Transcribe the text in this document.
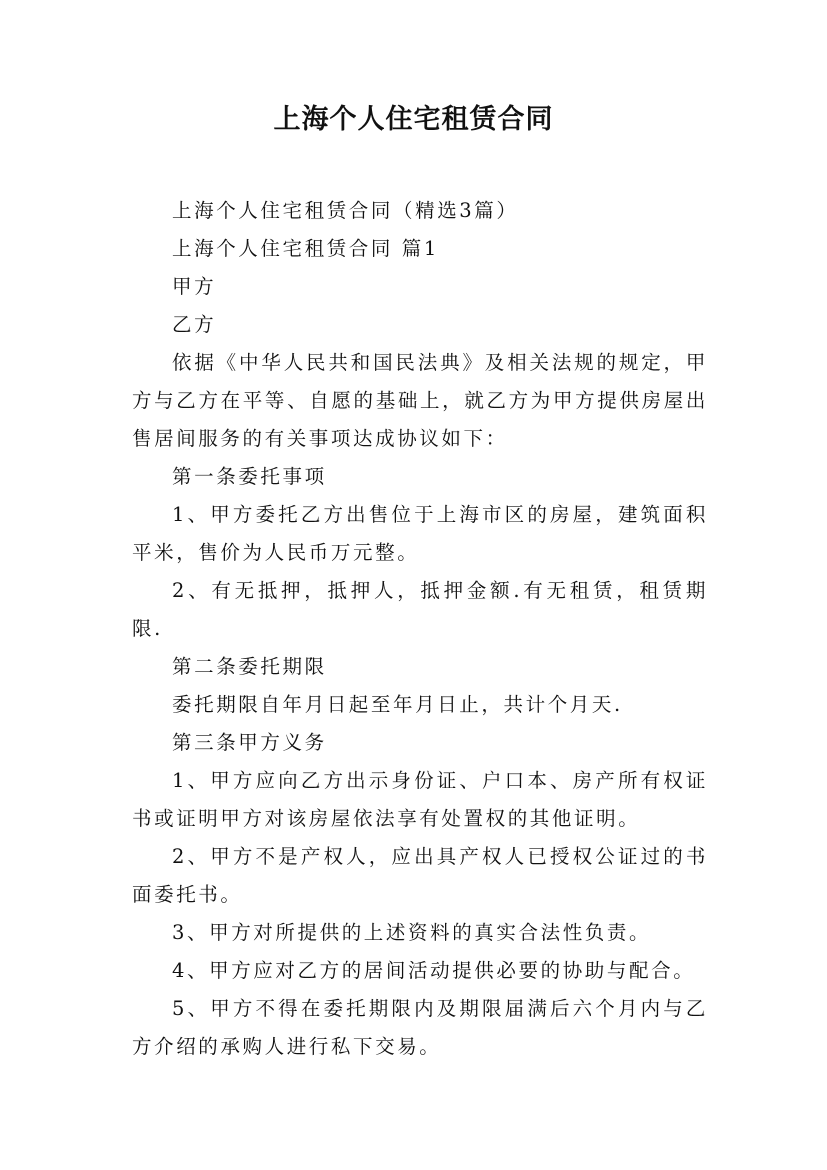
上海个人住宅租赁合同

上海个人住宅租赁合同（精选3篇）

上海个人住宅租赁合同 篇1

甲方

乙方

依据《中华人民共和国民法典》及相关法规的规定，甲方与乙方在平等、自愿的基础上，就乙方为甲方提供房屋出售居间服务的有关事项达成协议如下：

第一条委托事项

1、甲方委托乙方出售位于上海市区的房屋，建筑面积平米，售价为人民币万元整。

2、有无抵押，抵押人，抵押金额.有无租赁，租赁期限.

第二条委托期限

委托期限自年月日起至年月日止，共计个月天.

第三条甲方义务

1、甲方应向乙方出示身份证、户口本、房产所有权证书或证明甲方对该房屋依法享有处置权的其他证明。

2、甲方不是产权人，应出具产权人已授权公证过的书面委托书。

3、甲方对所提供的上述资料的真实合法性负责。

4、甲方应对乙方的居间活动提供必要的协助与配合。

5、甲方不得在委托期限内及期限届满后六个月内与乙方介绍的承购人进行私下交易。
